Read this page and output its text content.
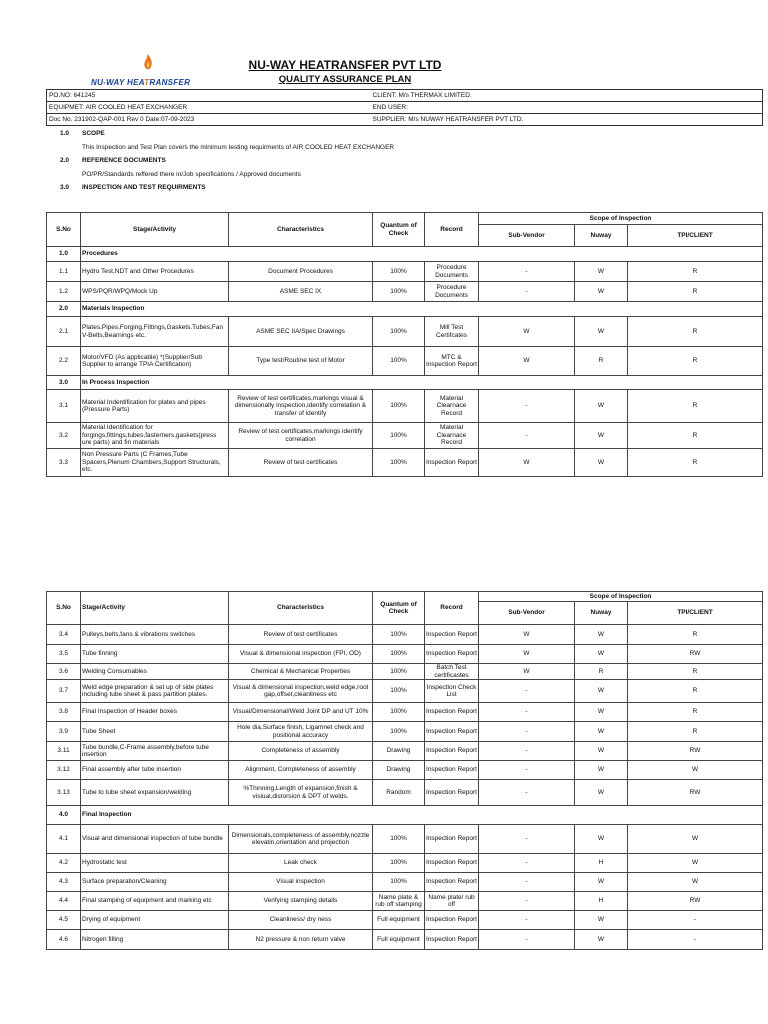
NU-WAY HEATRANSFER
NU-WAY HEATRANSFER PVT LTD
QUALITY ASSURANCE PLAN
PO.NO: 641245	CLIENT: M/s THERMAX LIMITED.
EQUIPMET: AIR COOLED HEAT EXCHANGER	END USER:
Doc No. 231902-QAP-001 Rev 0 Date:07-09-2023	SUPPLIER: M/s NUWAY HEATRANSFER PVT LTD.
1.0 SCOPE
This Inspection and Test Plan covers the minimum testing requirments of AIR COOLED HEAT EXCHANGER
2.0 REFERENCE DOCUMENTS
PO/PR/Standards reffered there in/Job specifications / Approved documents
3.0 INSPECTION AND TEST REQUIRMENTS
S.No	Stage/Activity	Characteristics	Quantum of Check	Record	Scope of Inspection		
					Sub-Vendor	Nuway	TPI/CLIENT
1.0	Procedures						
1.1	Hydro Test,NDT and Other Procedures	Document Procedures	100%	Procedure Documents	-	W	R
1.2	WPS/PQR/WPQ/Mock Up	ASME SEC IX	100%	Procedure Documents	-	W	R
2.0	Materials Inspection						
2.1	Plates,Pipes,Forging,Fittings,Gaskets.Tubes,Fan V-Belts,Bearnings etc.	ASME SEC IIA/Spec Drawings	100%	Mill Test Certifcates	W	W	R
2.2	Motor/VFD (As applicable) *(Supplier/Sub Supplier to arrange TPIA Certification)	Type test/Routine test of Motor	100%	MTC & Inspection Report	W	R	R
3.0	In Process Inspection						
3.1	Material Indentification for plates and pipes (Pressure Parts)	Review of test certificates,markings visual & dimensionally inspection,identify correlation & transfer of identify	100%	Material Clearnace Record	-	W	R
3.2	Material Identification for forgings,fittings,tubes,fasterners,gaskets(press ure parts) and fin materials	Review of test certificates,markings identify correlation	100%	Material Clearnace Record	-	W	R
3.3	Non Pressure Parts (C Frames,Tube Spacers,Plenum Chambers,Support Structurals, etc.	Review of test certificates	100%	Inspection Report	W	W	R
S.No	Stage/Activity	Characteristics	Quantum of Check	Record	Scope of Inspection		
					Sub-Vendor	Nuway	TPI/CLIENT
3.4	Pulleys,belts,fans & vibrations switches	Review of test certificates	100%	Inspection Report	W	W	R
3.5	Tube finning	Visual & dimensional inspection (FPI, OD)	100%	Inspection Report	W	W	RW
3.6	Welding Consumables	Chemical & Mechanical Properties	100%	Batch Test certificastes	W	R	R
3.7	Weld edge preparation & set up of side plates including tube sheet & pass partition plates.	Visual & dimensional inspection,weld edge,root gap,offset,cleanliness etc	100%	Inspection Check List	-	W	R
3.8	Final Inspection of Header boxes	Visual/Dimensional/Weld Joint DP and UT 10%	100%	Inspection Report	-	W	R
3.9	Tube Sheet	Hole dia,Surface finish, Ligamnet check and positional accuracy	100%	Inspection Report	-	W	R
3.11	Tube bundle,C-Frame assembly,before tube insertion	Completeness of assembly	Drawing	Inspection Report	-	W	RW
3.12	Final assembly after tube insertion	Alignment, Completeness of assembly	Drawing	Inspection Report	-	W	W
3.13	Tube to tube sheet expansion/welding	%Thinning,Length of expansion,finish & visiual,distorsion & DPT of welds.	Random	Inspection Report	-	W	RW
4.0	Final Inspection						
4.1	Visual and dimensional inspection of tube bundle	Dimensionals,completeness of assembly,nozzle elevatin,orientation and projection	100%	Inspection Report	-	W	W
4.2	Hydrostatic test	Leak check	100%	Inspection Report	-	H	W
4.3	Surface preparation/Cleaning	Visual inspection	100%	Inspection Report	-	W	W
4.4	Final stamping of equipment and marking etc	Verifying stamping details	Name plate & rub off stamping	Name plate/ rub off	-	H	RW
4.5	Drying of equipment	Cleanliness/ dry ness	Full equipment	Inspection Report	-	W	-
4.6	Nitrogen filling	N2 pressure & non return valve	Full equipment	Inspection Report	-	W	-
